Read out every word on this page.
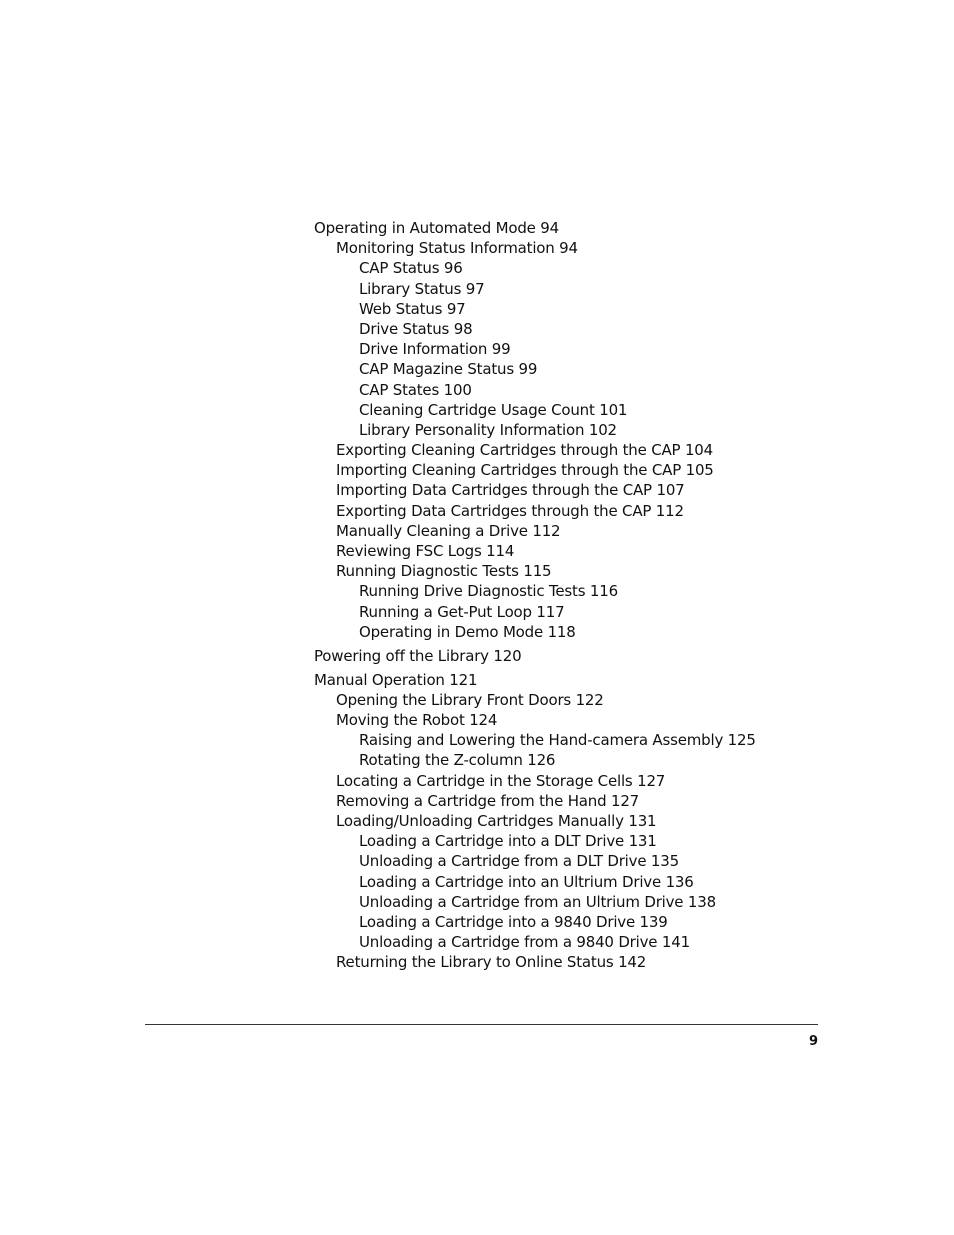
Operating in Automated Mode 94
Monitoring Status Information 94
CAP Status 96
Library Status 97
Web Status 97
Drive Status 98
Drive Information 99
CAP Magazine Status 99
CAP States 100
Cleaning Cartridge Usage Count 101
Library Personality Information 102
Exporting Cleaning Cartridges through the CAP 104
Importing Cleaning Cartridges through the CAP 105
Importing Data Cartridges through the CAP 107
Exporting Data Cartridges through the CAP 112
Manually Cleaning a Drive 112
Reviewing FSC Logs 114
Running Diagnostic Tests 115
Running Drive Diagnostic Tests 116
Running a Get-Put Loop 117
Operating in Demo Mode 118
Powering off the Library 120
Manual Operation 121
Opening the Library Front Doors 122
Moving the Robot 124
Raising and Lowering the Hand-camera Assembly 125
Rotating the Z-column 126
Locating a Cartridge in the Storage Cells 127
Removing a Cartridge from the Hand 127
Loading/Unloading Cartridges Manually 131
Loading a Cartridge into a DLT Drive 131
Unloading a Cartridge from a DLT Drive 135
Loading a Cartridge into an Ultrium Drive 136
Unloading a Cartridge from an Ultrium Drive 138
Loading a Cartridge into a 9840 Drive 139
Unloading a Cartridge from a 9840 Drive 141
Returning the Library to Online Status 142
9
